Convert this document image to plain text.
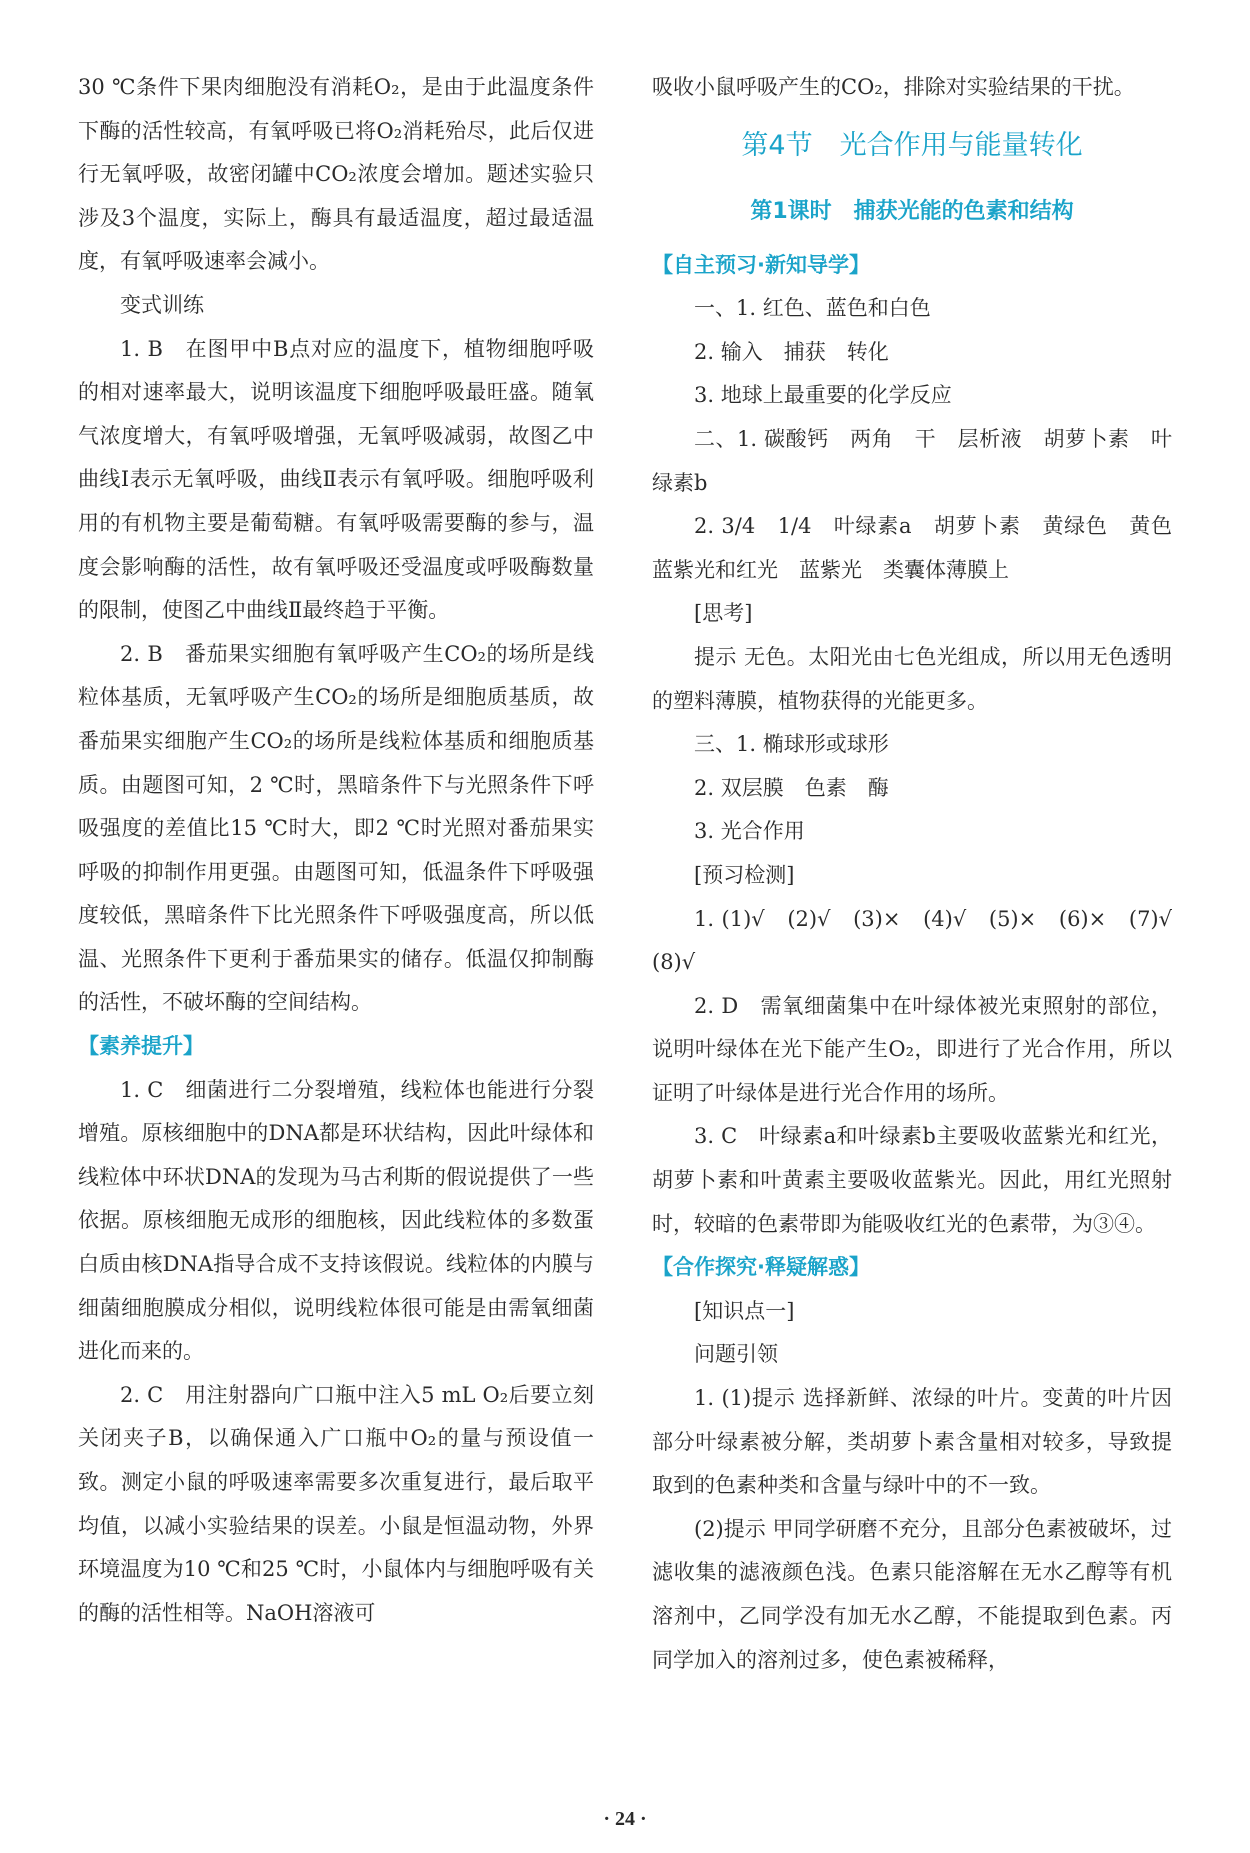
30 ℃条件下果肉细胞没有消耗O₂，是由于此温度条件下酶的活性较高，有氧呼吸已将O₂消耗殆尽，此后仅进行无氧呼吸，故密闭罐中CO₂浓度会增加。题述实验只涉及3个温度，实际上，酶具有最适温度，超过最适温度，有氧呼吸速率会减小。

变式训练

1. B　在图甲中B点对应的温度下，植物细胞呼吸的相对速率最大，说明该温度下细胞呼吸最旺盛。随氧气浓度增大，有氧呼吸增强，无氧呼吸减弱，故图乙中曲线Ⅰ表示无氧呼吸，曲线Ⅱ表示有氧呼吸。细胞呼吸利用的有机物主要是葡萄糖。有氧呼吸需要酶的参与，温度会影响酶的活性，故有氧呼吸还受温度或呼吸酶数量的限制，使图乙中曲线Ⅱ最终趋于平衡。

2. B　番茄果实细胞有氧呼吸产生CO₂的场所是线粒体基质，无氧呼吸产生CO₂的场所是细胞质基质，故番茄果实细胞产生CO₂的场所是线粒体基质和细胞质基质。由题图可知，2 ℃时，黑暗条件下与光照条件下呼吸强度的差值比15 ℃时大，即2 ℃时光照对番茄果实呼吸的抑制作用更强。由题图可知，低温条件下呼吸强度较低，黑暗条件下比光照条件下呼吸强度高，所以低温、光照条件下更利于番茄果实的储存。低温仅抑制酶的活性，不破坏酶的空间结构。

【素养提升】

1. C　细菌进行二分裂增殖，线粒体也能进行分裂增殖。原核细胞中的DNA都是环状结构，因此叶绿体和线粒体中环状DNA的发现为马古利斯的假说提供了一些依据。原核细胞无成形的细胞核，因此线粒体的多数蛋白质由核DNA指导合成不支持该假说。线粒体的内膜与细菌细胞膜成分相似，说明线粒体很可能是由需氧细菌进化而来的。

2. C　用注射器向广口瓶中注入5 mL O₂后要立刻关闭夹子B，以确保通入广口瓶中O₂的量与预设值一致。测定小鼠的呼吸速率需要多次重复进行，最后取平均值，以减小实验结果的误差。小鼠是恒温动物，外界环境温度为10 ℃和25 ℃时，小鼠体内与细胞呼吸有关的酶的活性相等。NaOH溶液可

吸收小鼠呼吸产生的CO₂，排除对实验结果的干扰。

第4节　光合作用与能量转化
第1课时　捕获光能的色素和结构

【自主预习·新知导学】

一、1. 红色、蓝色和白色

2. 输入　捕获　转化

3. 地球上最重要的化学反应

二、1. 碳酸钙　两角　干　层析液　胡萝卜素　叶绿素b

2. 3/4　1/4　叶绿素a　胡萝卜素　黄绿色　黄色　蓝紫光和红光　蓝紫光　类囊体薄膜上

[思考]

提示 无色。太阳光由七色光组成，所以用无色透明的塑料薄膜，植物获得的光能更多。

三、1. 椭球形或球形

2. 双层膜　色素　酶

3. 光合作用

[预习检测]

1. (1)√　(2)√　(3)×　(4)√　(5)×　(6)×　(7)√　(8)√

2. D　需氧细菌集中在叶绿体被光束照射的部位，说明叶绿体在光下能产生O₂，即进行了光合作用，所以证明了叶绿体是进行光合作用的场所。

3. C　叶绿素a和叶绿素b主要吸收蓝紫光和红光，胡萝卜素和叶黄素主要吸收蓝紫光。因此，用红光照射时，较暗的色素带即为能吸收红光的色素带，为③④。

【合作探究·释疑解惑】

[知识点一]

问题引领

1. (1)提示 选择新鲜、浓绿的叶片。变黄的叶片因部分叶绿素被分解，类胡萝卜素含量相对较多，导致提取到的色素种类和含量与绿叶中的不一致。

(2)提示 甲同学研磨不充分，且部分色素被破坏，过滤收集的滤液颜色浅。色素只能溶解在无水乙醇等有机溶剂中，乙同学没有加无水乙醇，不能提取到色素。丙同学加入的溶剂过多，使色素被稀释，

· 24 ·
